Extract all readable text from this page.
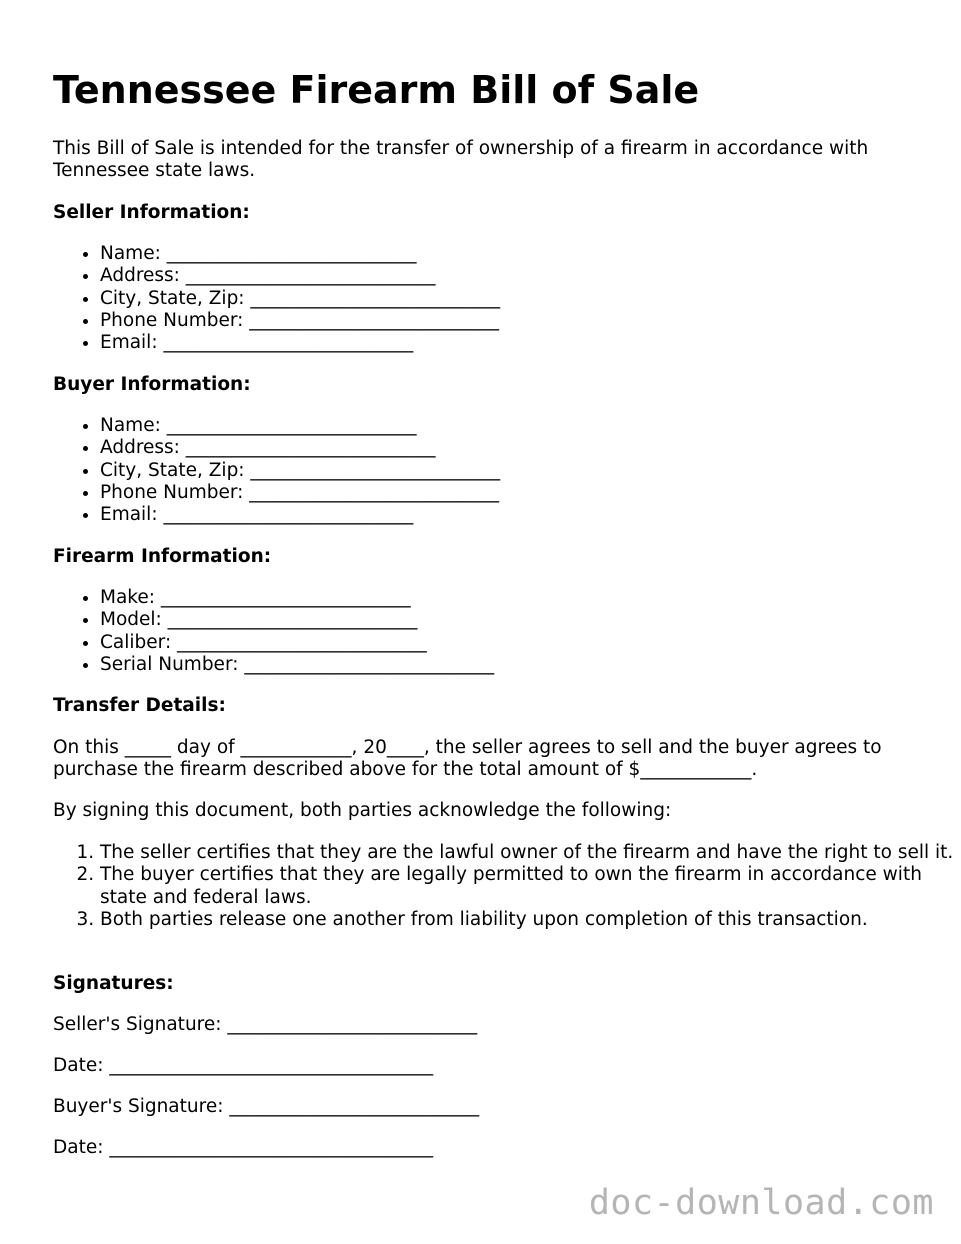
Tennessee Firearm Bill of Sale

This Bill of Sale is intended for the transfer of ownership of a firearm in accordance with Tennessee state laws.

Seller Information:
• Name: ___________________________
• Address: ___________________________
• City, State, Zip: ___________________________
• Phone Number: ___________________________
• Email: ___________________________
Buyer Information:
• Name: ___________________________
• Address: ___________________________
• City, State, Zip: ___________________________
• Phone Number: ___________________________
• Email: ___________________________
Firearm Information:
• Make: ___________________________
• Model: ___________________________
• Caliber: ___________________________
• Serial Number: ___________________________
Transfer Details:

On this _____ day of ____________, 20____, the seller agrees to sell and the buyer agrees to purchase the firearm described above for the total amount of $____________.

By signing this document, both parties acknowledge the following:

1. The seller certifies that they are the lawful owner of the firearm and have the right to sell it.
2. The buyer certifies that they are legally permitted to own the firearm in accordance with state and federal laws.
3. Both parties release one another from liability upon completion of this transaction.
Signatures:

Seller's Signature: ___________________________

Date: ___________________________________

Buyer's Signature: ___________________________

Date: ___________________________________

doc-download.com
